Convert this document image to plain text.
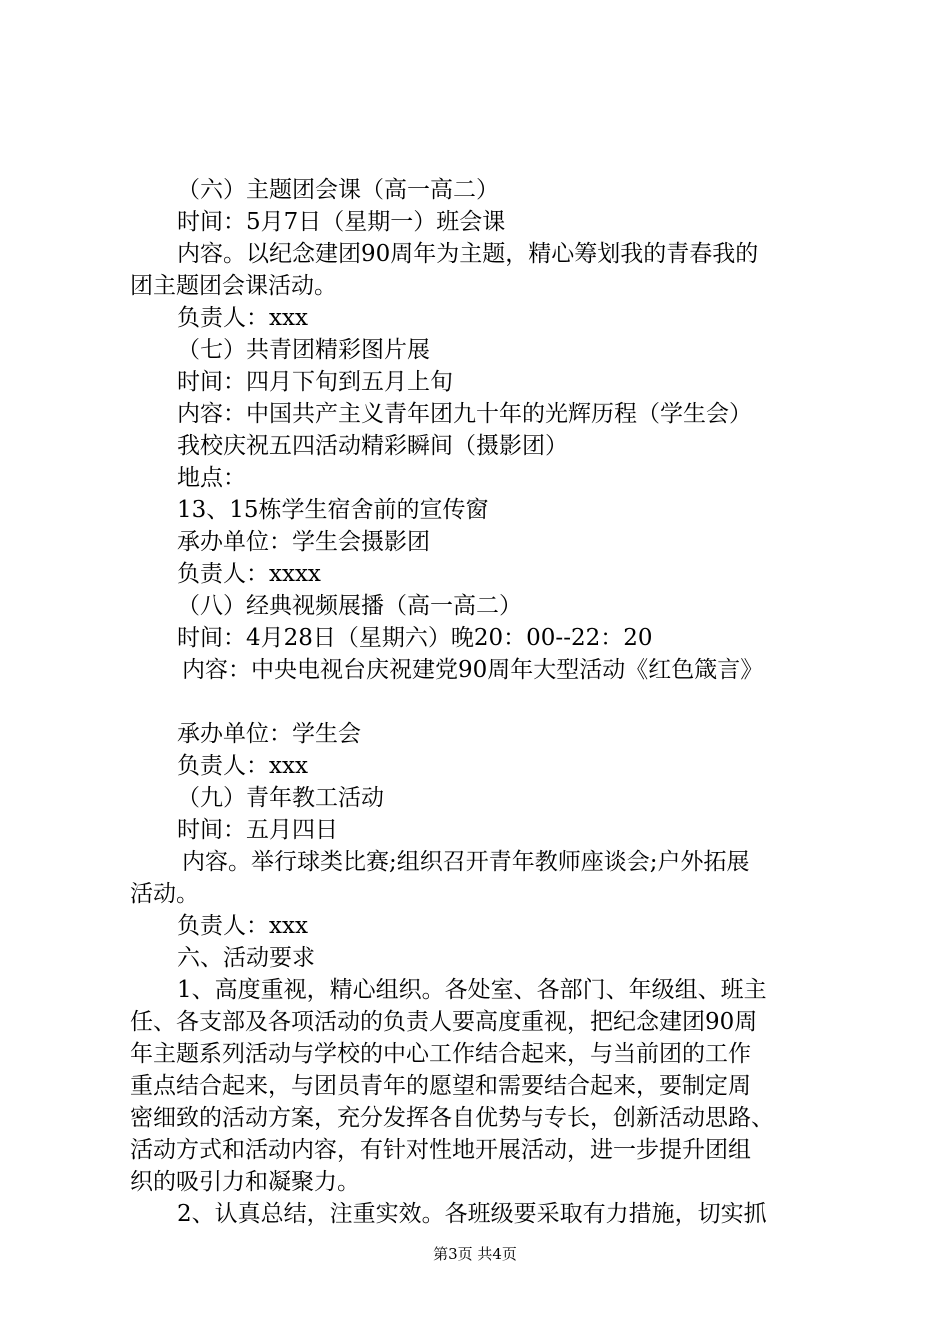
（六）主题团会课（高一高二）
时间：5月7日（星期一）班会课
内容。以纪念建团90周年为主题，精心筹划我的青春我的
团主题团会课活动。
负责人：xxx
（七）共青团精彩图片展
时间：四月下旬到五月上旬
内容：中国共产主义青年团九十年的光辉历程（学生会）
我校庆祝五四活动精彩瞬间（摄影团）
地点：
13、15栋学生宿舍前的宣传窗
承办单位：学生会摄影团
负责人：xxxx
（八）经典视频展播（高一高二）
时间：4月28日（星期六）晚20：00--22：20
内容：中央电视台庆祝建党90周年大型活动《红色箴言》
承办单位：学生会
负责人：xxx
（九）青年教工活动
时间：五月四日
内容。举行球类比赛;组织召开青年教师座谈会;户外拓展
活动。
负责人：xxx
六、活动要求
1、高度重视，精心组织。各处室、各部门、年级组、班主
任、各支部及各项活动的负责人要高度重视，把纪念建团90周
年主题系列活动与学校的中心工作结合起来，与当前团的工作
重点结合起来，与团员青年的愿望和需要结合起来，要制定周
密细致的活动方案，充分发挥各自优势与专长，创新活动思路、
活动方式和活动内容，有针对性地开展活动，进一步提升团组
织的吸引力和凝聚力。
2、认真总结，注重实效。各班级要采取有力措施，切实抓
第3页 共4页
